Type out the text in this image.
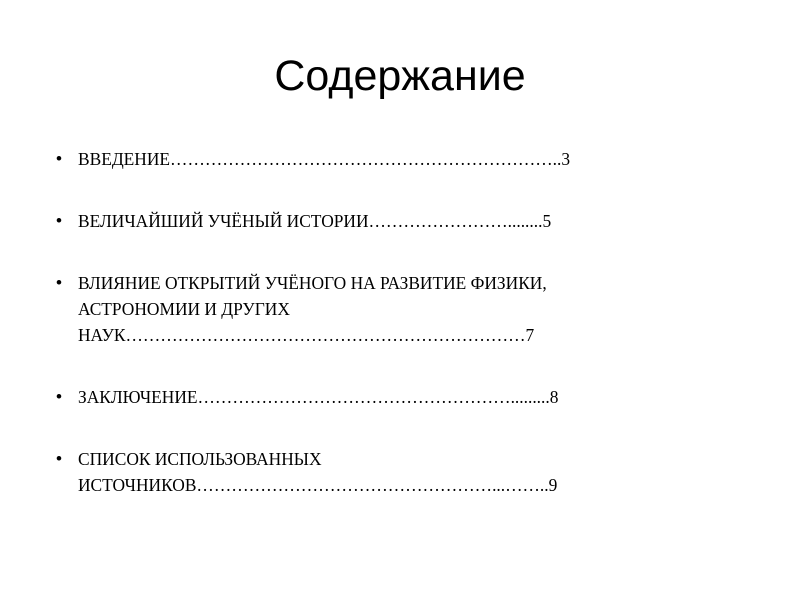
Содержание
• ВВЕДЕНИЕ…………………………………………………………..3
• ВЕЛИЧАЙШИЙ УЧЁНЫЙ ИСТОРИИ……………………........5
• ВЛИЯНИЕ ОТКРЫТИЙ УЧЁНОГО НА РАЗВИТИЕ ФИЗИКИ,
АСТРОНОМИИ И ДРУГИХ
НАУК……………………………………………………………7
• ЗАКЛЮЧЕНИЕ……………………………………………….........8
• СПИСОК ИСПОЛЬЗОВАННЫХ
ИСТОЧНИКОВ……………………………………………...……..9
